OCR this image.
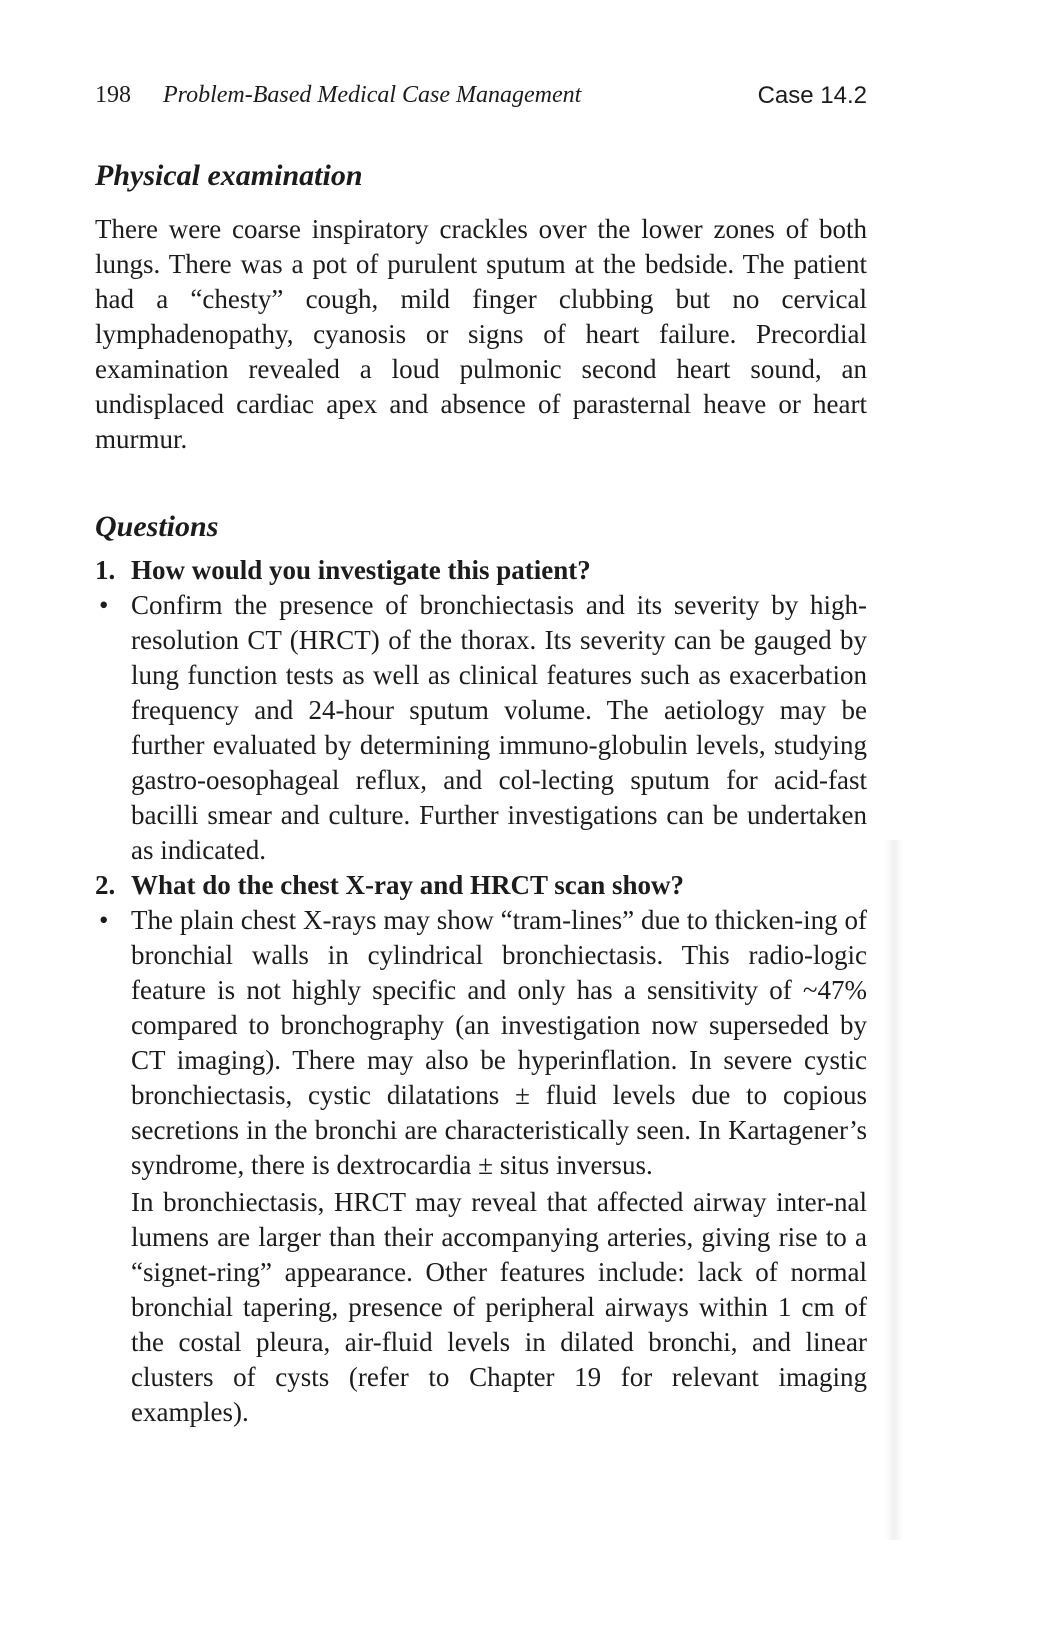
198 Problem-Based Medical Case Management	Case 14.2
Physical examination

There were coarse inspiratory crackles over the lower zones of both lungs. There was a pot of purulent sputum at the bedside. The patient had a “chesty” cough, mild finger clubbing but no cervical lymphadenopathy, cyanosis or signs of heart failure. Precordial examination revealed a loud pulmonic second heart sound, an undisplaced cardiac apex and absence of parasternal heave or heart murmur.

Questions
1. How would you investigate this patient?
• Confirm the presence of bronchiectasis and its severity by high-resolution CT (HRCT) of the thorax. Its severity can be gauged by lung function tests as well as clinical features such as exacerbation frequency and 24-hour sputum volume. The aetiology may be further evaluated by determining immuno-globulin levels, studying gastro-oesophageal reflux, and col-lecting sputum for acid-fast bacilli smear and culture. Further investigations can be undertaken as indicated.

2. What do the chest X-ray and HRCT scan show?
• The plain chest X-rays may show “tram-lines” due to thicken-ing of bronchial walls in cylindrical bronchiectasis. This radio-logic feature is not highly specific and only has a sensitivity of ~47% compared to bronchography (an investigation now superseded by CT imaging). There may also be hyperinflation. In severe cystic bronchiectasis, cystic dilatations ± fluid levels due to copious secretions in the bronchi are characteristically seen. In Kartagener’s syndrome, there is dextrocardia ± situs inversus.

In bronchiectasis, HRCT may reveal that affected airway inter-nal lumens are larger than their accompanying arteries, giving rise to a “signet-ring” appearance. Other features include: lack of normal bronchial tapering, presence of peripheral airways within 1 cm of the costal pleura, air-fluid levels in dilated bronchi, and linear clusters of cysts (refer to Chapter 19 for relevant imaging examples).
